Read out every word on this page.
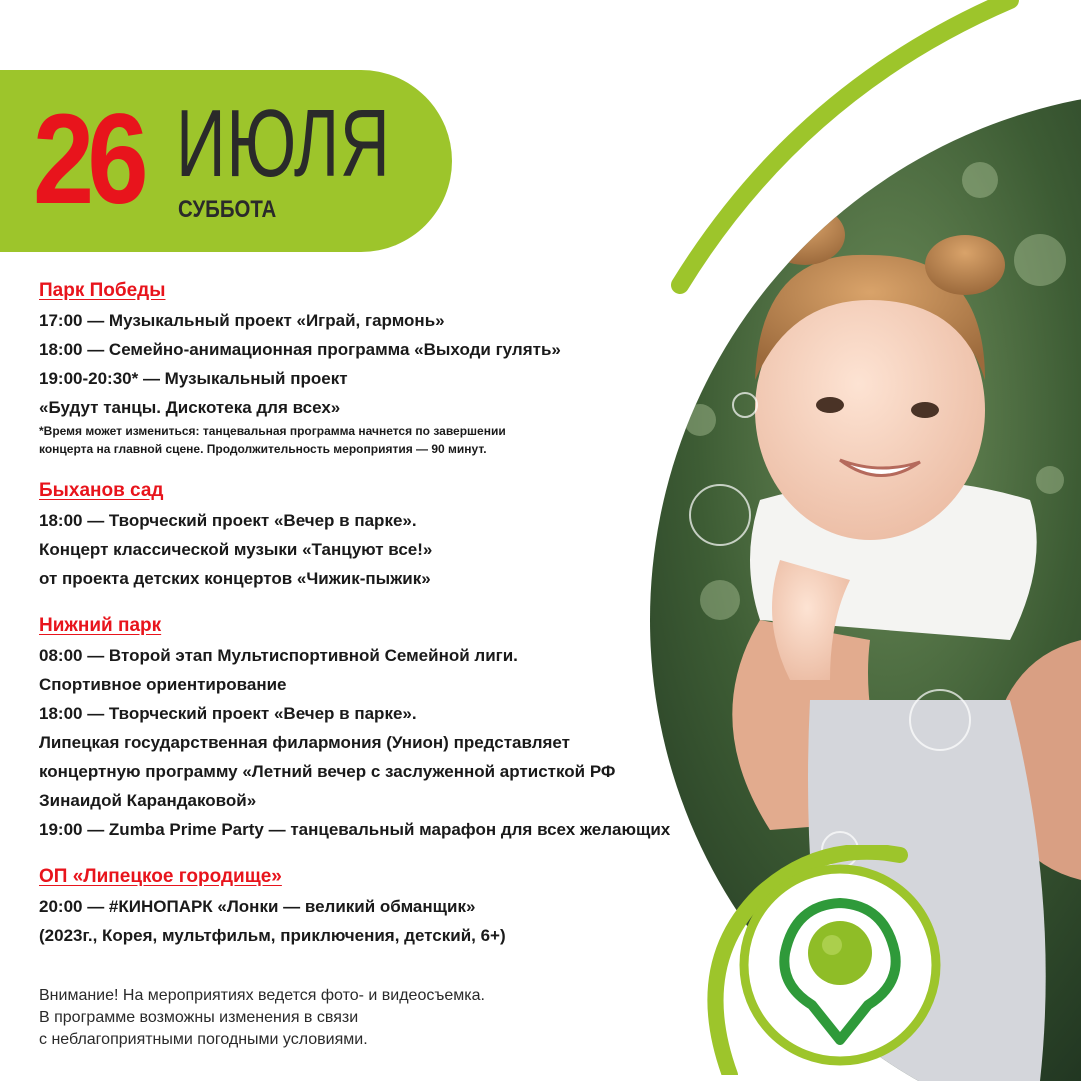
26 ИЮЛЯ
СУББОТА
Парк Победы
17:00 — Музыкальный проект «Играй, гармонь»
18:00 — Семейно-анимационная программа «Выходи гулять»
19:00-20:30* — Музыкальный проект
«Будут танцы. Дискотека для всех»
*Время может измениться: танцевальная программа начнется по завершении
концерта на главной сцене. Продолжительность мероприятия — 90 минут.
Быханов сад
18:00 — Творческий проект «Вечер в парке».
Концерт классической музыки «Танцуют все!»
от проекта детских концертов «Чижик-пыжик»
Нижний парк
08:00 — Второй этап Мультиспортивной Семейной лиги.
Спортивное ориентирование
18:00 — Творческий проект «Вечер в парке».
Липецкая государственная филармония (Унион) представляет
концертную программу «Летний вечер с заслуженной артисткой РФ
Зинаидой Карандаковой»
19:00 — Zumba Prime Party — танцевальный марафон для всех желающих
ОП «Липецкое городище»
20:00 — #КИНОПАРК «Лонки — великий обманщик»
(2023г., Корея, мультфильм, приключения, детский, 6+)
Внимание! На мероприятиях ведется фото- и видеосъемка.
В программе возможны изменения в связи
с неблагоприятными погодными условиями.
